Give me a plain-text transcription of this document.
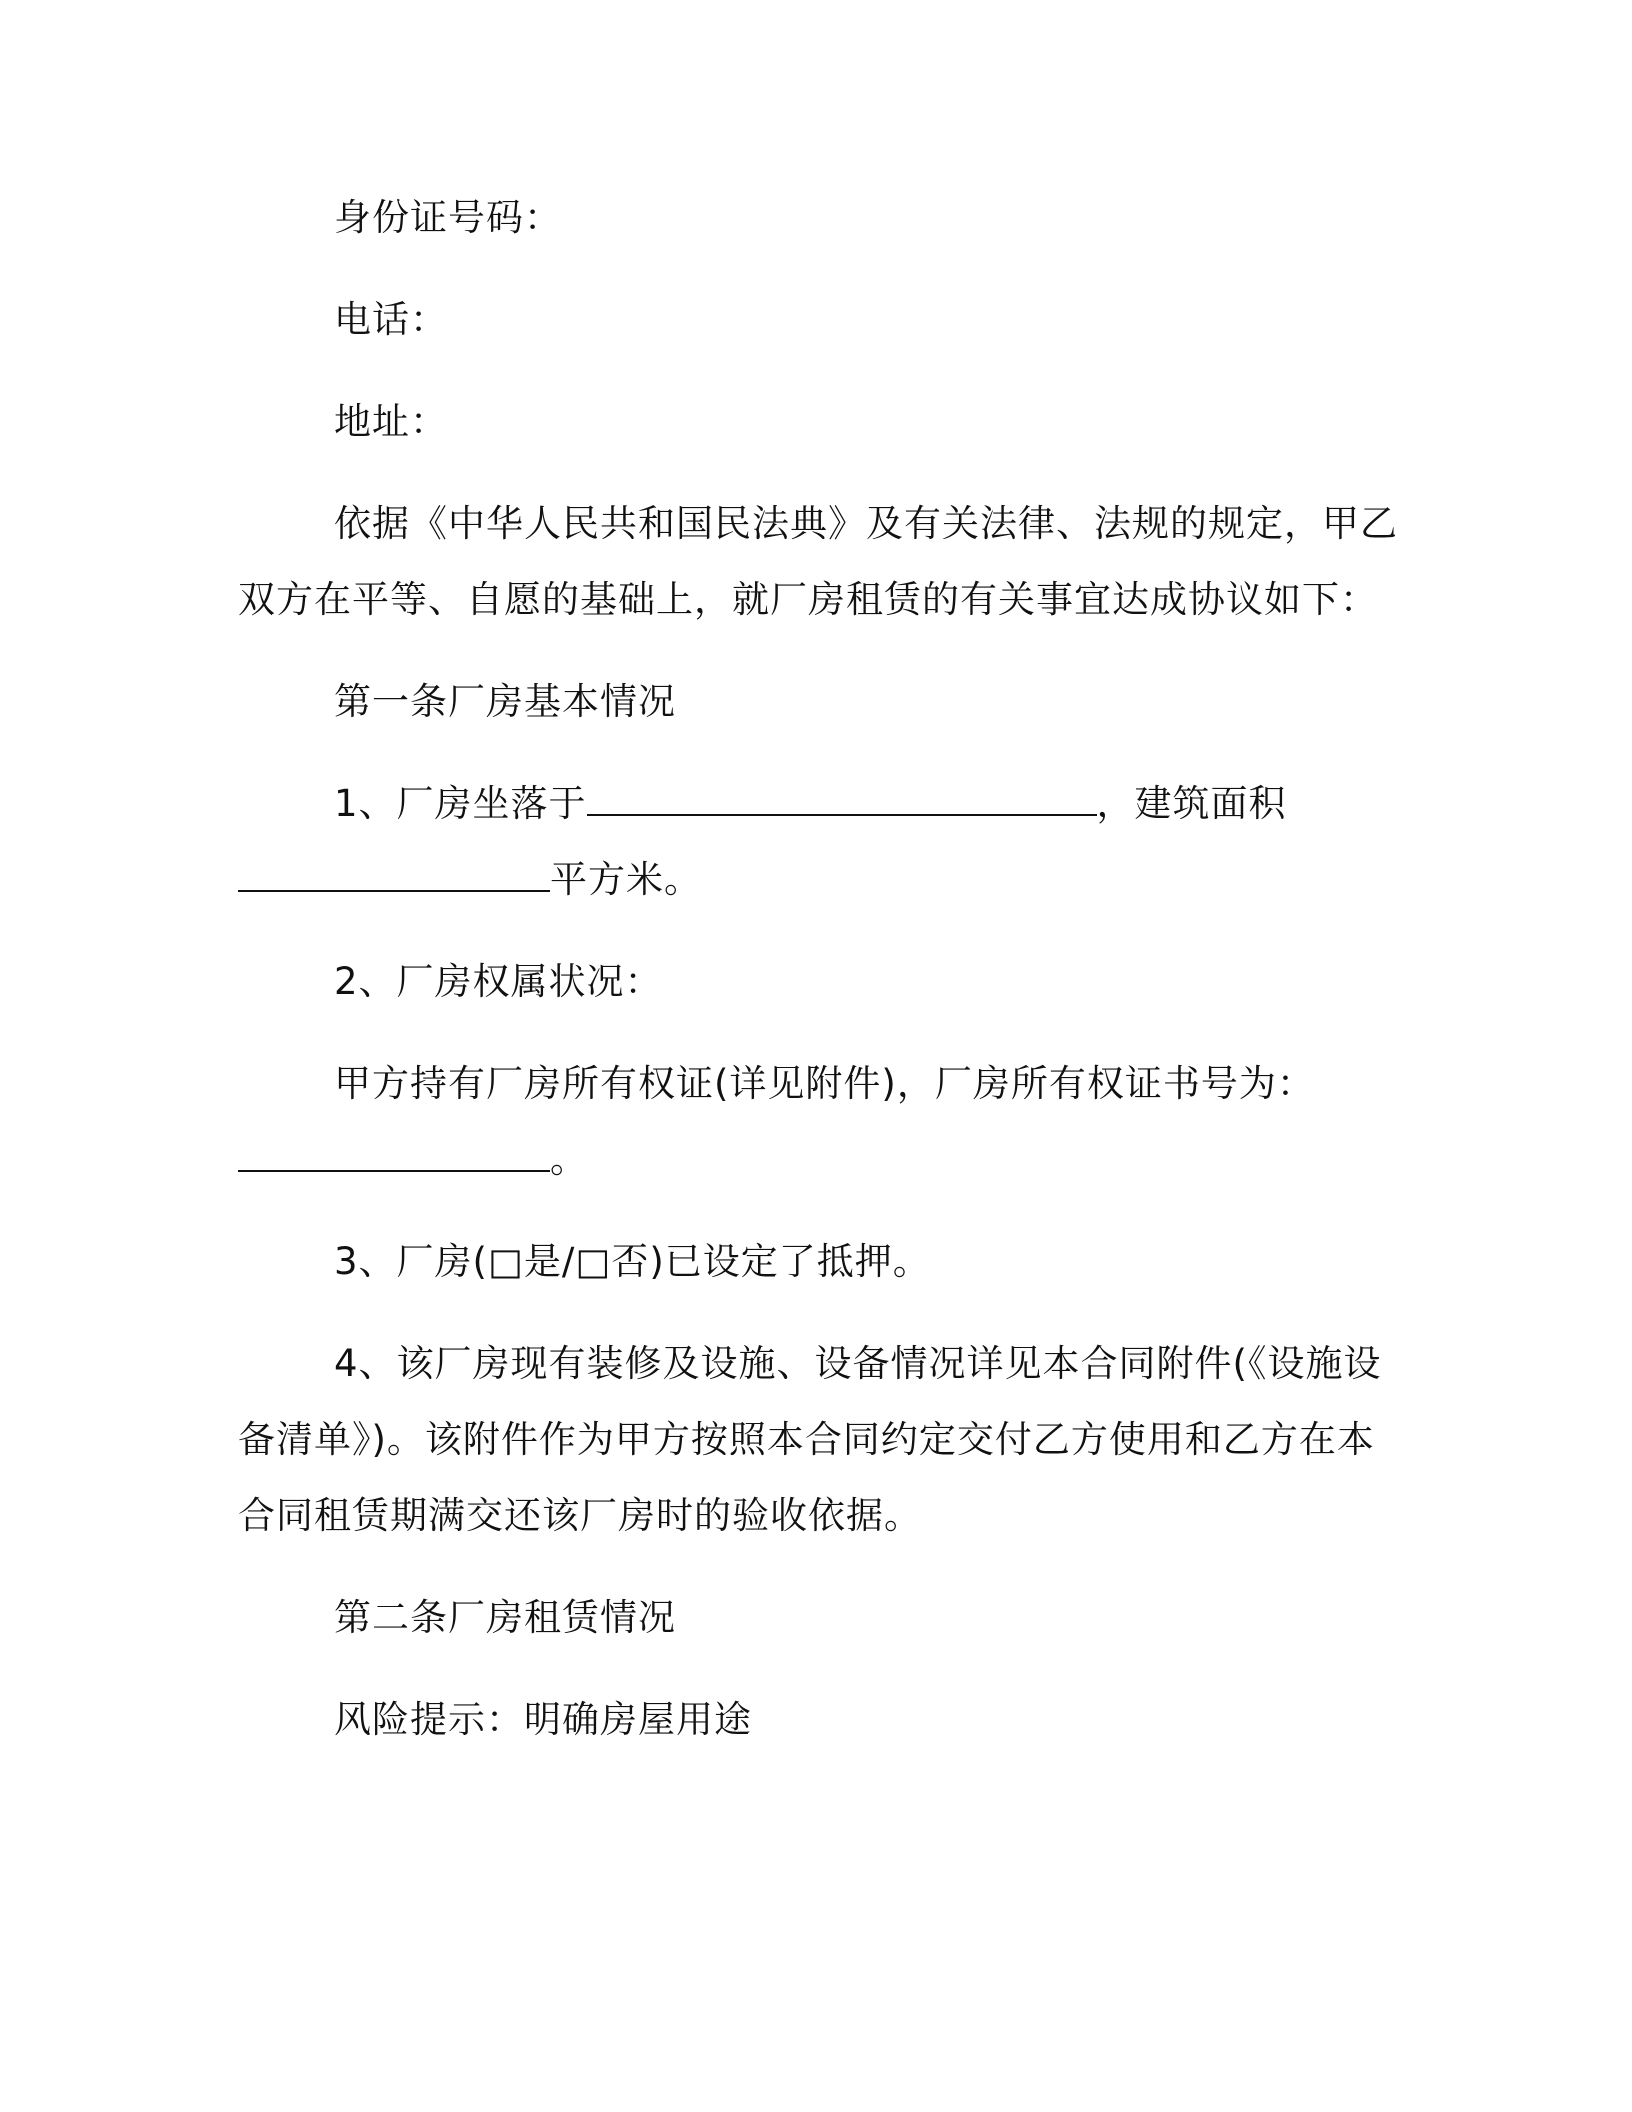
身份证号码：

电话：

地址：

依据《中华人民共和国民法典》及有关法律、法规的规定，甲乙

双方在平等、自愿的基础上，就厂房租赁的有关事宜达成协议如下：

第一条厂房基本情况

1、厂房坐落于	，建筑面积

平方米。

2、厂房权属状况：

甲方持有厂房所有权证(详见附件)，厂房所有权证书号为：

。

3、厂房(□是/□否)已设定了抵押。

4、该厂房现有装修及设施、设备情况详见本合同附件(《设施设

备清单》)。该附件作为甲方按照本合同约定交付乙方使用和乙方在本

合同租赁期满交还该厂房时的验收依据。

第二条厂房租赁情况

风险提示：明确房屋用途
